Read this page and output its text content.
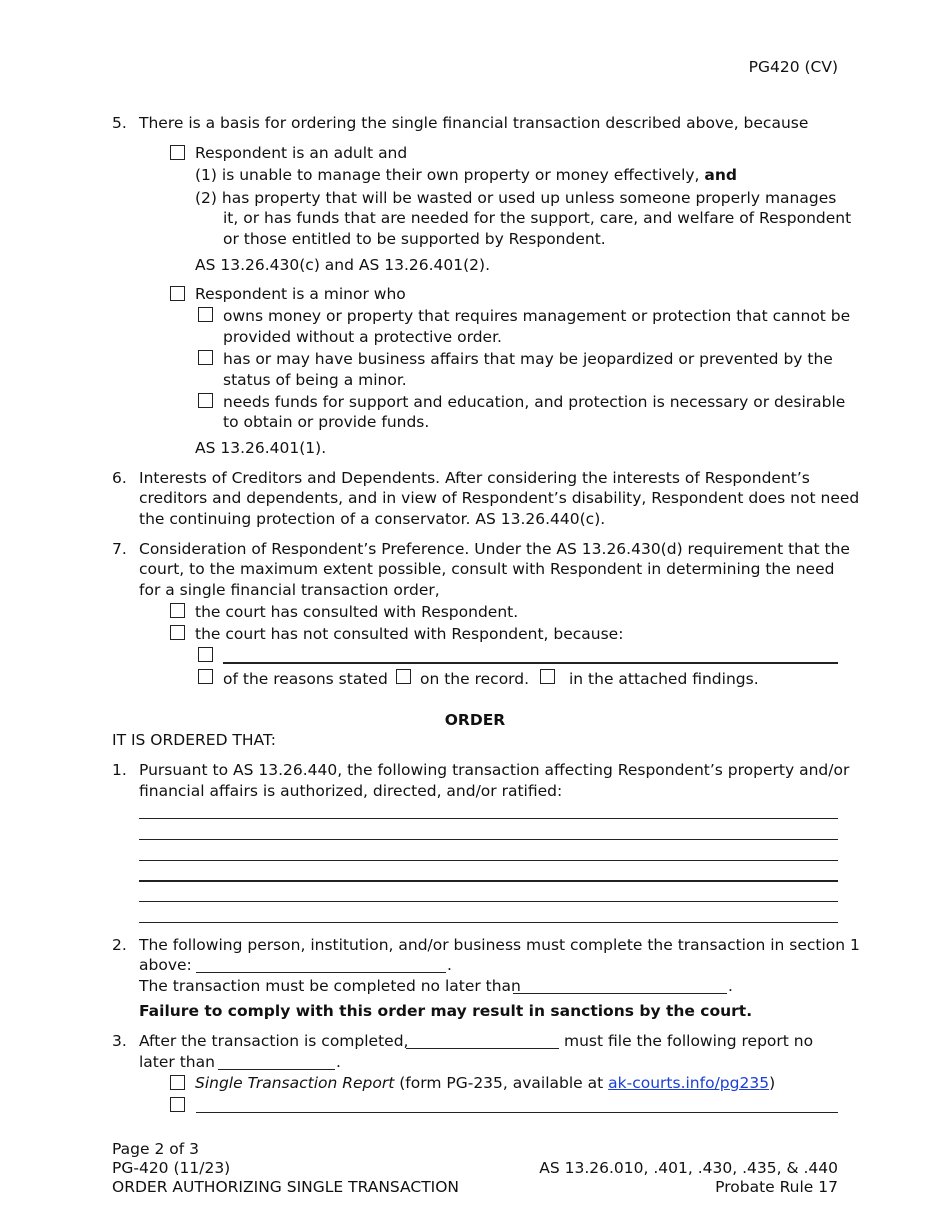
PG420 (CV)
5. There is a basis for ordering the single financial transaction described above, because
Respondent is an adult and
(1) is unable to manage their own property or money effectively, and
(2) has property that will be wasted or used up unless someone properly manages
it, or has funds that are needed for the support, care, and welfare of Respondent
or those entitled to be supported by Respondent.
AS 13.26.430(c) and AS 13.26.401(2).
Respondent is a minor who
owns money or property that requires management or protection that cannot be
provided without a protective order.
has or may have business affairs that may be jeopardized or prevented by the
status of being a minor.
needs funds for support and education, and protection is necessary or desirable
to obtain or provide funds.
AS 13.26.401(1).
6. Interests of Creditors and Dependents. After considering the interests of Respondent’s
creditors and dependents, and in view of Respondent’s disability, Respondent does not need
the continuing protection of a conservator. AS 13.26.440(c).
7. Consideration of Respondent’s Preference. Under the AS 13.26.430(d) requirement that the
court, to the maximum extent possible, consult with Respondent in determining the need
for a single financial transaction order,
the court has consulted with Respondent.
the court has not consulted with Respondent, because:
of the reasons stated on the record.	in the attached findings.
ORDER
IT IS ORDERED THAT:
1. Pursuant to AS 13.26.440, the following transaction affecting Respondent’s property and/or
financial affairs is authorized, directed, and/or ratified:
2. The following person, institution, and/or business must complete the transaction in section 1
above:	.
The transaction must be completed no later than	.
Failure to comply with this order may result in sanctions by the court.
3. After the transaction is completed,	must file the following report no
later than	.
Single Transaction Report (form PG-235, available at ak-courts.info/pg235)
Page 2 of 3
PG-420 (11/23)
ORDER AUTHORIZING SINGLE TRANSACTION
AS 13.26.010, .401, .430, .435, & .440
Probate Rule 17
